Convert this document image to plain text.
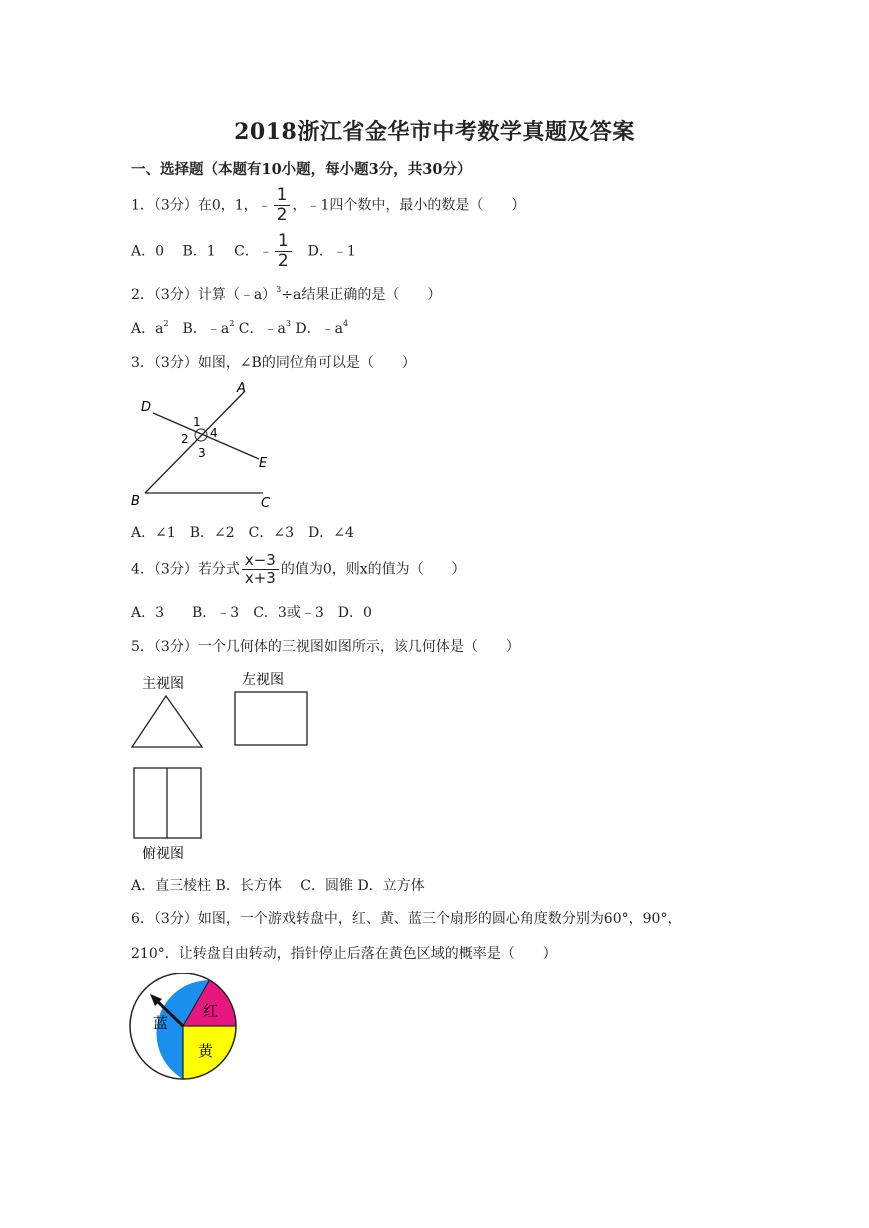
2018浙江省金华市中考数学真题及答案
一、选择题（本题有10小题，每小题3分，共30分）
1．（3分）在0，1，﹣ $\frac{1}{2}$ ，﹣1四个数中，最小的数是（　　）
A．0　 B．1　 C．﹣ $\frac{1}{2}$ 　D．﹣1
2．（3分）计算（﹣a）$^3$÷a结果正确的是（　　）
A．$a^2$　B．$﹣a^2$ C．$﹣a^3$ D．$﹣a^4$
3．（3分）如图，∠B的同位角可以是（　　）
A
D
E
B	C
1
2
3
4
A．∠1　B．∠2　C．∠3　D．∠4
4．（3分）若分式 $\frac{x-3}{x+3}$ 的值为0，则x的值为（　　）
A．3　　B．﹣3　C．3或﹣3　D．0
5．（3分）一个几何体的三视图如图所示，该几何体是（　　）
主视图	左视图
俯视图
A．直三棱柱 B．长方体　 C．圆锥 D．立方体
6．（3分）如图，一个游戏转盘中，红、黄、蓝三个扇形的圆心角度数分别为60°，90°，
210°．让转盘自由转动，指针停止后落在黄色区域的概率是（　　）
红
黄
蓝
